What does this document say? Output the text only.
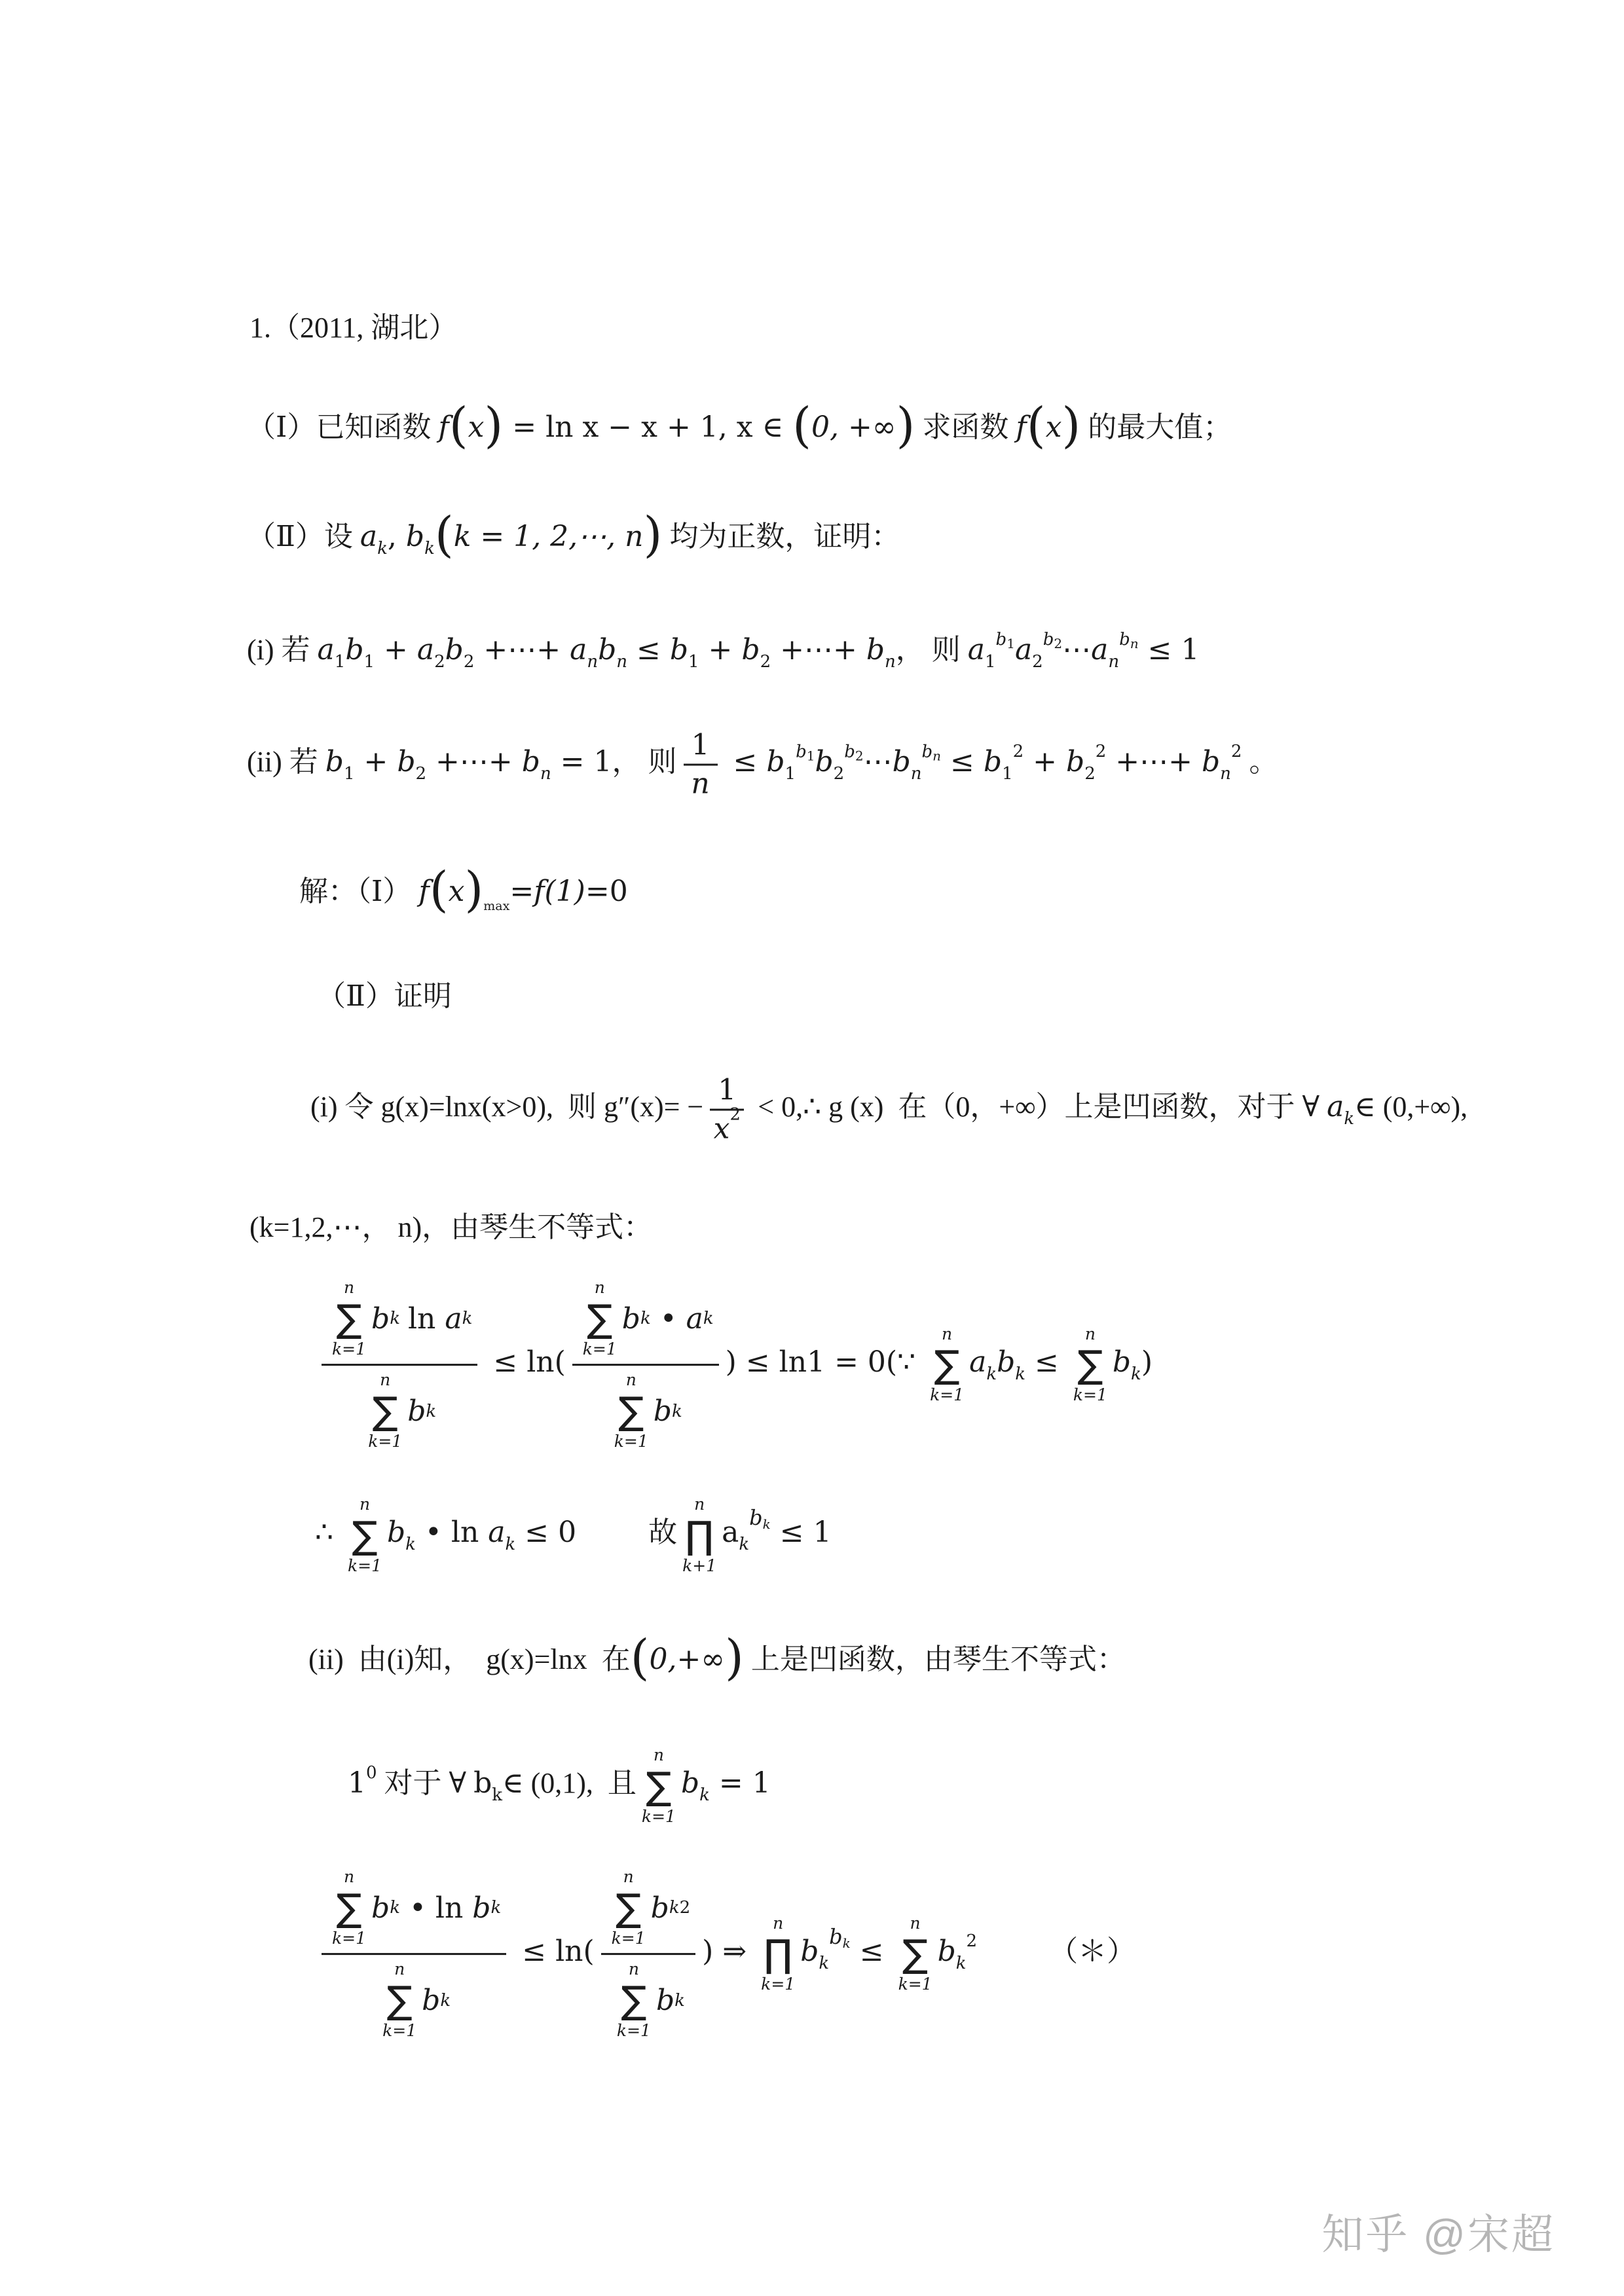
1.（2011, 湖北）

（Ⅰ）已知函数 f(x) = ln x − x + 1, x ∈ (0, +∞) 求函数 f(x) 的最大值；

（Ⅱ）设 $a_k$, $b_k(k = 1$, 2,⋯, n) 均为正数，证明：

(i) 若 $a_1b_1 + a_2b_2$ +⋯+ $a_nb_n \le b_1 + b_2$ +⋯+ $b_n$， 则 $a_1^{b_1}a_2^{b_2}\cdots a_n^{b_n} \le 1$

(ii) 若 $b_1 + b_2$ +⋯+ $b_n = 1$， 则 $\frac{1}{n}$ ≤ $b_1^{b_1}b_2^{b_2}\cdots b_n^{b_n} \le b_1^2 + b_2^2$ +⋯+ $b_n^2$ 。

解：（Ⅰ） $f(x)_{max}=f(1)=0$

（Ⅱ）证明

(i) 令 g(x)=lnx(x>0),  则 $g''(x)= - \frac{1}{x 2}$ < 0,∴ g (x)  在（0，+∞）上是凹函数，对于 ∀ $a_k\in$ (0,+∞),

(k=1,2,⋯， n)，由琴生不等式：

n
∑
k=1
b k ln a k
n
∑
k=1
b k ≤ ln( n
∑
k=1
b k • a k
n
∑
k=1
b k ) ≤ ln1 = 0(∵
n
∑
k=1
$a_kb_k$ ≤
n
∑
k=1
$b_k$)

∴
n
∑
k=1
$b_k$ • $\ln a_k \le 0$	故
n
∏
k+1
$a_k^{b_k} \le 1$

(ii)  由(i)知，  g(x)=lnx  在(0,+∞) 上是凹函数，由琴生不等式：

$1^0$ 对于 ∀ $b_k\in$ (0,1),  且
n
∑
k=1
$b_k = 1$

n
∑
k=1
b k • ln b k
n
∑
k=1
b k ≤ ln( n
∑
k=1
b k 2
n
∑
k=1
b k ) ⇒
n
∏
k=1
$b_k^{b_k}$ ≤
n
∑
k=1
$b_k^2$	（＊）

知乎 @宋超
